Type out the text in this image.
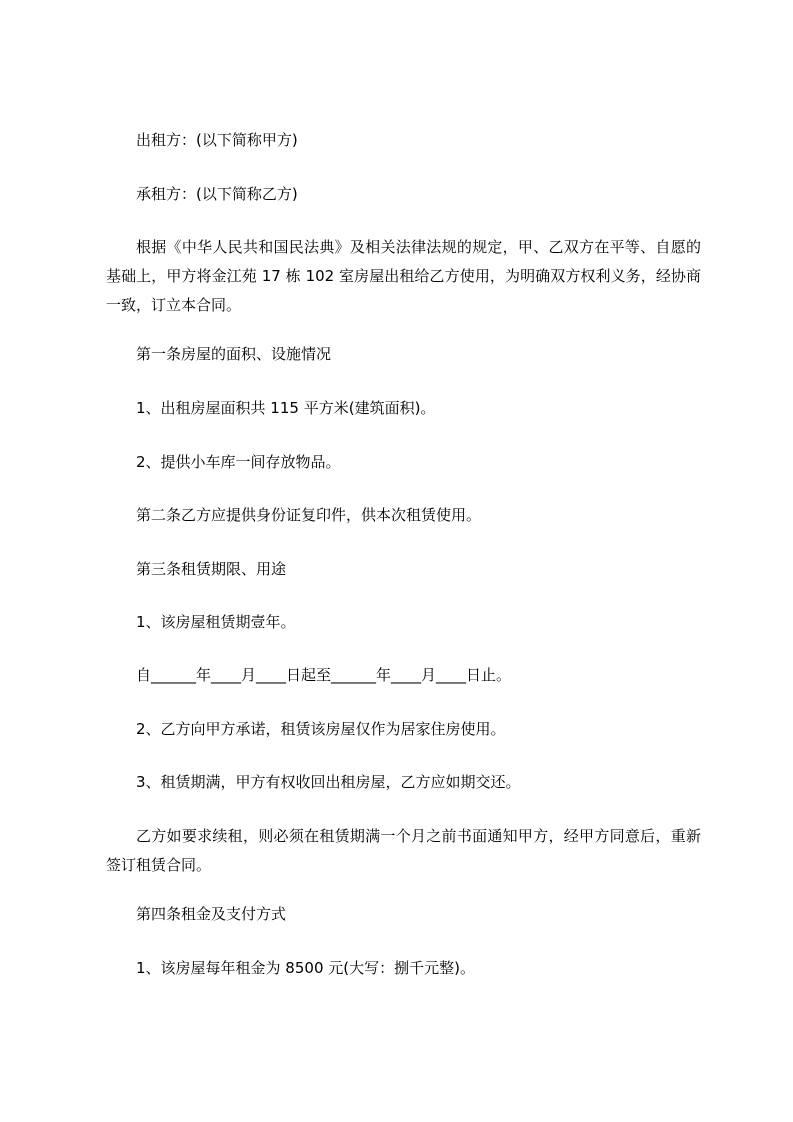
出租方：(以下简称甲方)

承租方：(以下简称乙方)

根据《中华人民共和国民法典》及相关法律法规的规定，甲、乙双方在平等、自愿的基础上，甲方将金江苑 17 栋 102 室房屋出租给乙方使用，为明确双方权利义务，经协商一致，订立本合同。

第一条房屋的面积、设施情况

1、出租房屋面积共 115 平方米(建筑面积)。

2、提供小车库一间存放物品。

第二条乙方应提供身份证复印件，供本次租赁使用。

第三条租赁期限、用途

1、该房屋租赁期壹年。

自______年____月____日起至______年____月____日止。

2、乙方向甲方承诺，租赁该房屋仅作为居家住房使用。

3、租赁期满，甲方有权收回出租房屋，乙方应如期交还。

乙方如要求续租，则必须在租赁期满一个月之前书面通知甲方，经甲方同意后，重新签订租赁合同。

第四条租金及支付方式

1、该房屋每年租金为 8500 元(大写：捌千元整)。
